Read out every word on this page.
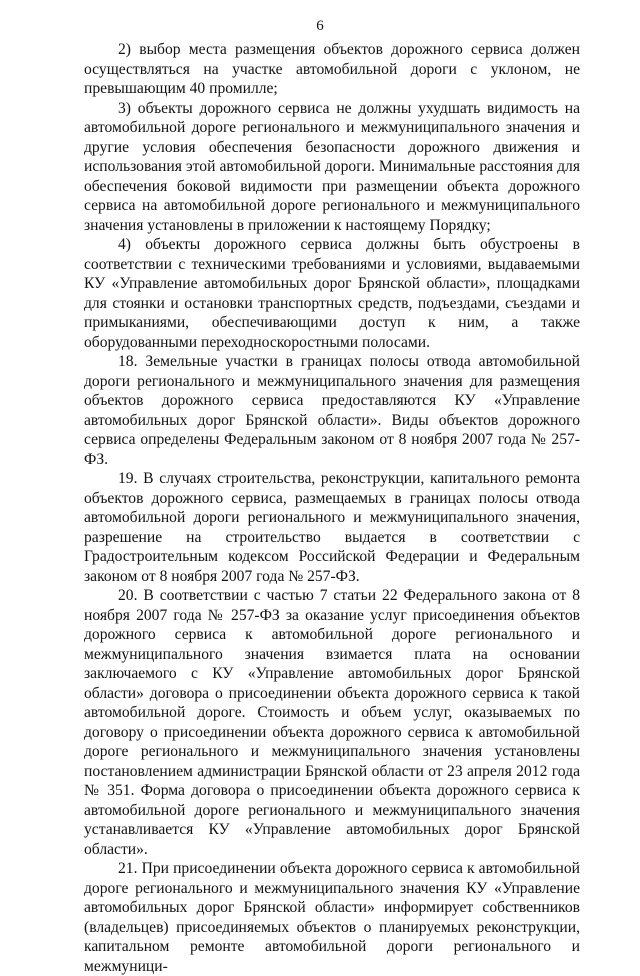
6

2) выбор места размещения объектов дорожного сервиса должен осуществляться на участке автомобильной дороги с уклоном, не превышающим 40 промилле;

3) объекты дорожного сервиса не должны ухудшать видимость на автомобильной дороге регионального и межмуниципального значения и другие условия обеспечения безопасности дорожного движения и использования этой автомобильной дороги. Минимальные расстояния для обеспечения боковой видимости при размещении объекта дорожного сервиса на автомобильной дороге регионального и межмуниципального значения установлены в приложении к настоящему Порядку;

4) объекты дорожного сервиса должны быть обустроены в соответствии с техническими требованиями и условиями, выдаваемыми КУ «Управление автомобильных дорог Брянской области», площадками для стоянки и остановки транспортных средств, подъездами, съездами и примыканиями, обеспечивающими доступ к ним, а также оборудованными переходноскоростными полосами.

18. Земельные участки в границах полосы отвода автомобильной дороги регионального и межмуниципального значения для размещения объектов дорожного сервиса предоставляются КУ «Управление автомобильных дорог Брянской области». Виды объектов дорожного сервиса определены Федеральным законом от 8 ноября 2007 года № 257-ФЗ.

19. В случаях строительства, реконструкции, капитального ремонта объектов дорожного сервиса, размещаемых в границах полосы отвода автомобильной дороги регионального и межмуниципального значения, разрешение на строительство выдается в соответствии с Градостроительным кодексом Российской Федерации и Федеральным законом от 8 ноября 2007 года № 257-ФЗ.

20. В соответствии с частью 7 статьи 22 Федерального закона от 8 ноября 2007 года № 257-ФЗ за оказание услуг присоединения объектов дорожного сервиса к автомобильной дороге регионального и межмуниципального значения взимается плата на основании заключаемого с КУ «Управление автомобильных дорог Брянской области» договора о присоединении объекта дорожного сервиса к такой автомобильной дороге. Стоимость и объем услуг, оказываемых по договору о присоединении объекта дорожного сервиса к автомобильной дороге регионального и межмуниципального значения установлены постановлением администрации Брянской области от 23 апреля 2012 года № 351. Форма договора о присоединении объекта дорожного сервиса к автомобильной дороге регионального и межмуниципального значения устанавливается КУ «Управление автомобильных дорог Брянской области».

21. При присоединении объекта дорожного сервиса к автомобильной дороге регионального и межмуниципального значения КУ «Управление автомобильных дорог Брянской области» информирует собственников (владельцев) присоединяемых объектов о планируемых реконструкции, капитальном ремонте автомобильной дороги регионального и межмуници-
